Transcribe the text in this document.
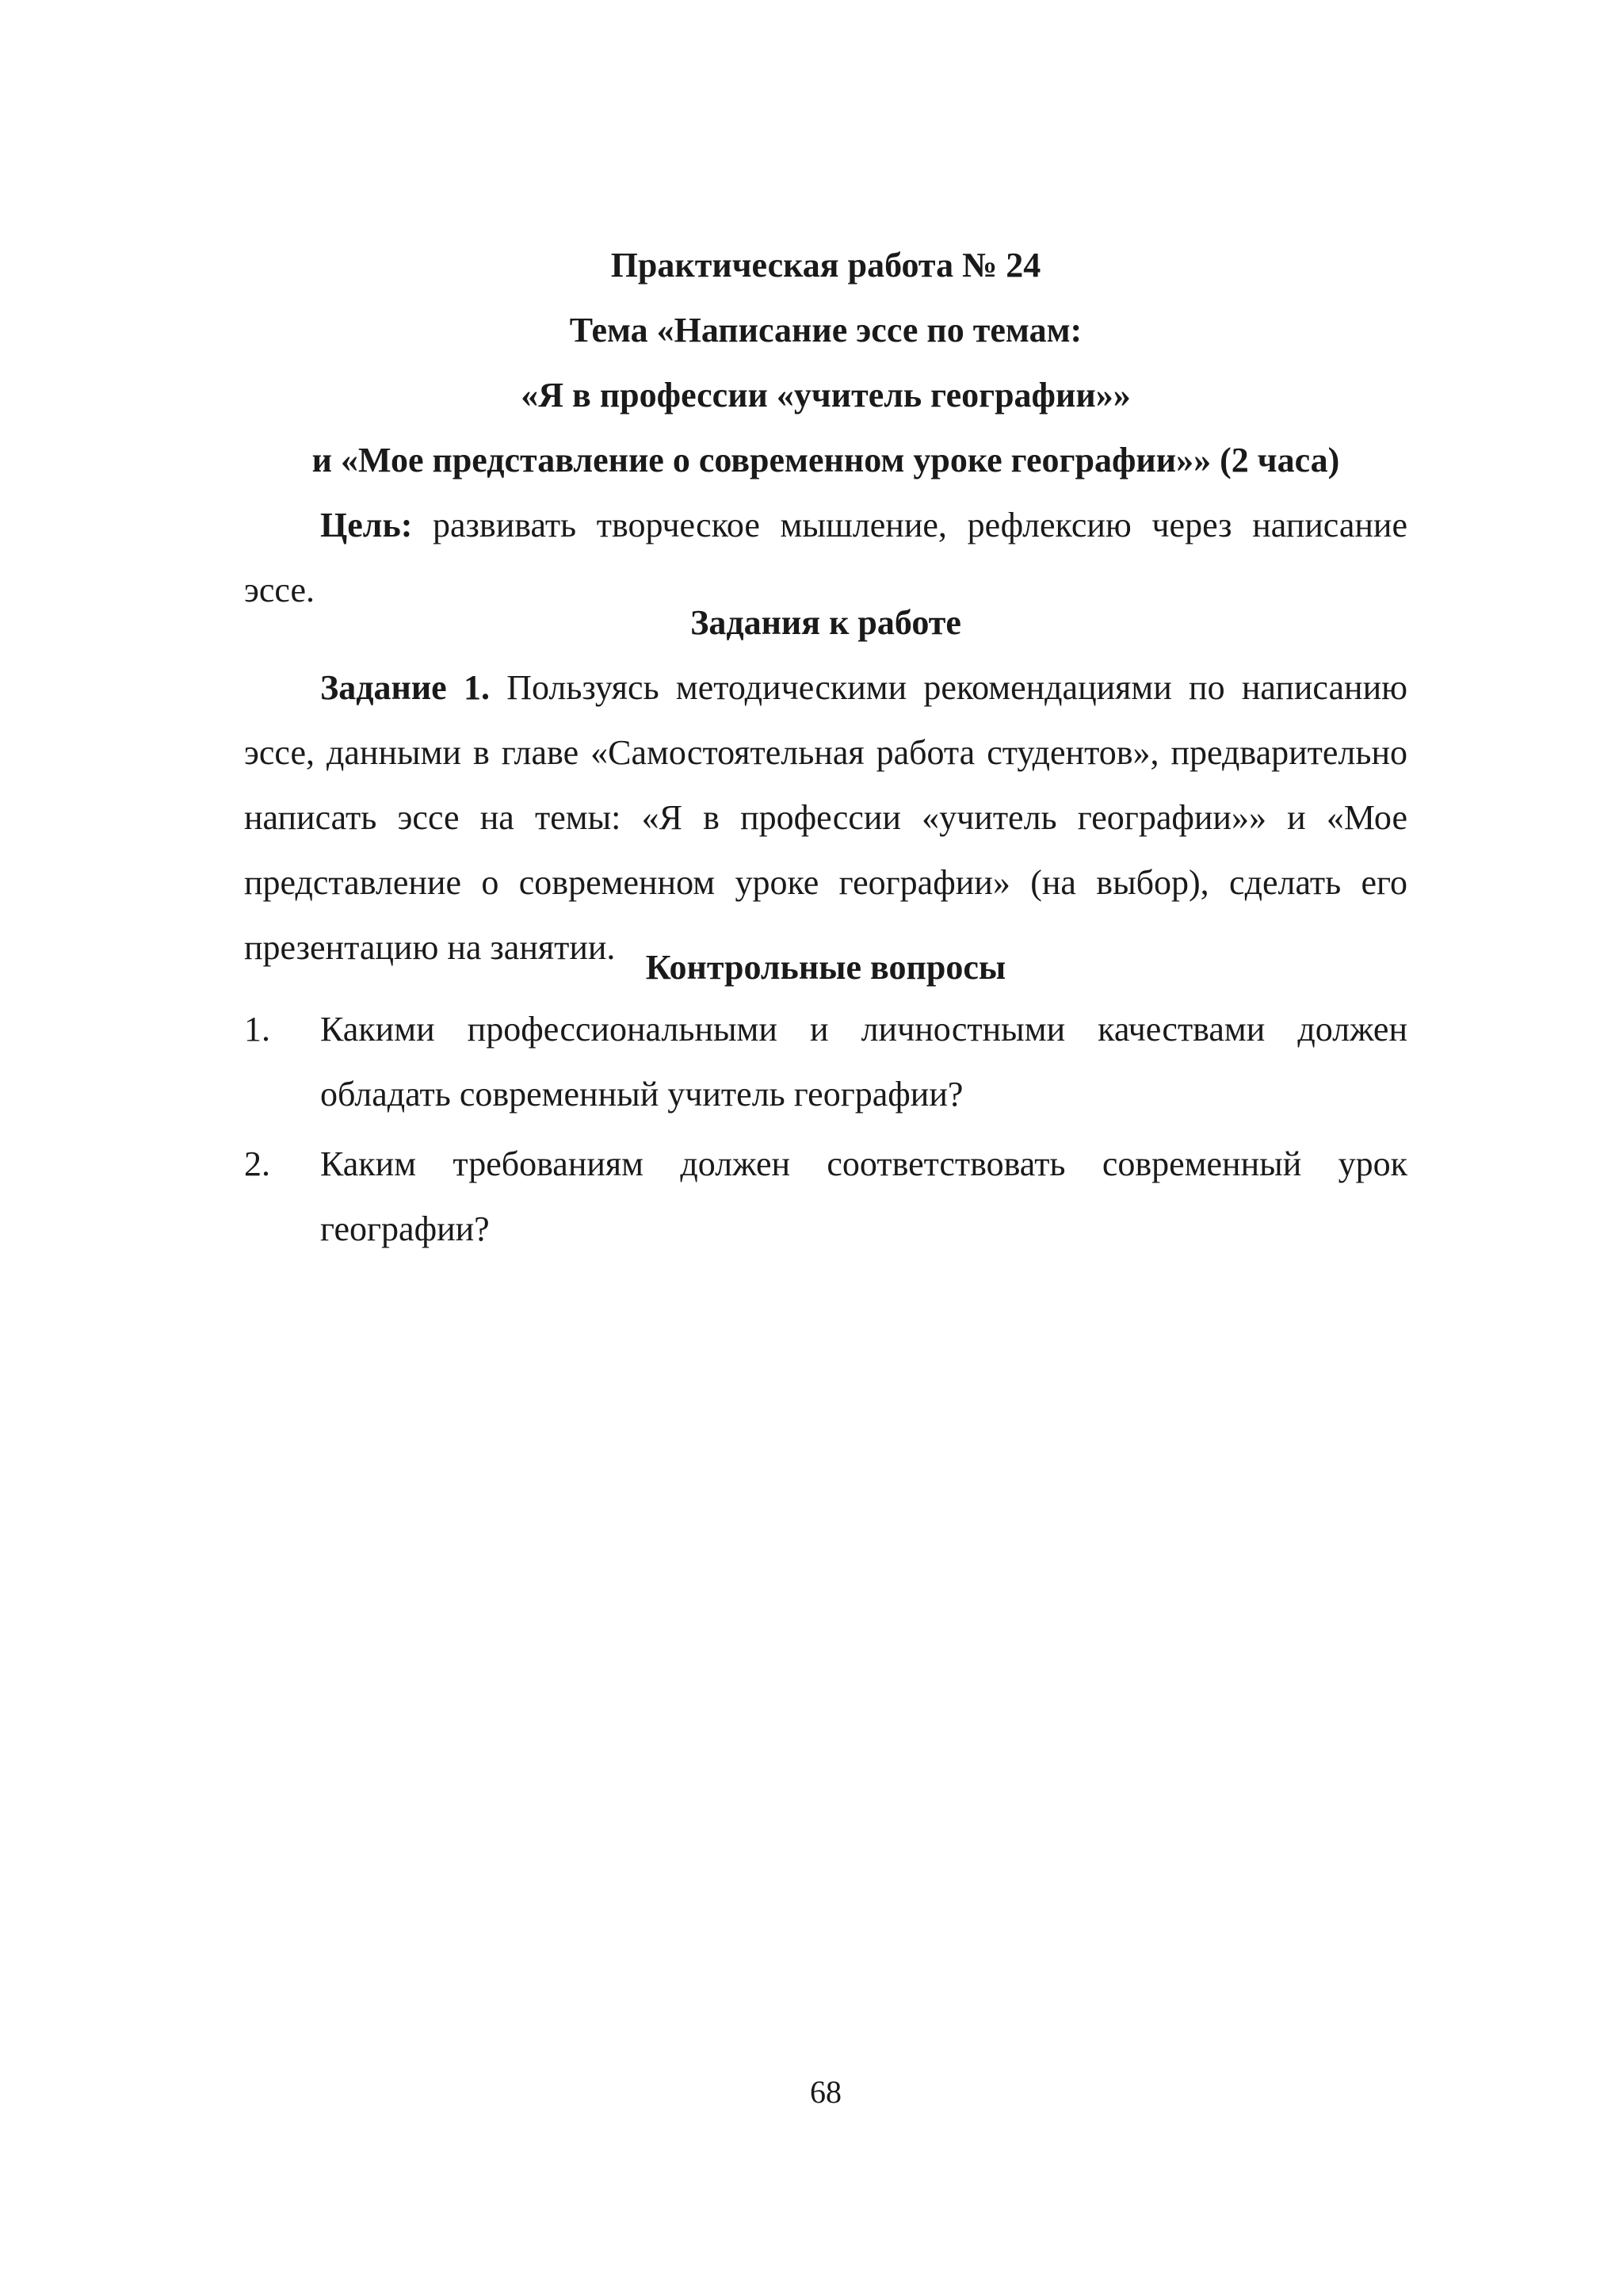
Практическая работа № 24
Тема «Написание эссе по темам:
«Я в профессии «учитель географии»»
и «Мое представление о современном уроке географии»» (2 часа)
Цель: развивать творческое мышление, рефлексию через написание эссе.
Задания к работе
Задание 1. Пользуясь методическими рекомендациями по написанию эссе, данными в главе «Самостоятельная работа студентов», предварительно написать эссе на темы: «Я в профессии «учитель географии»» и «Мое представление о современном уроке географии» (на выбор), сделать его презентацию на занятии.
Контрольные вопросы
1. Какими профессиональными и личностными качествами должен обладать современный учитель географии?
2. Каким требованиям должен соответствовать современный урок географии?
68
